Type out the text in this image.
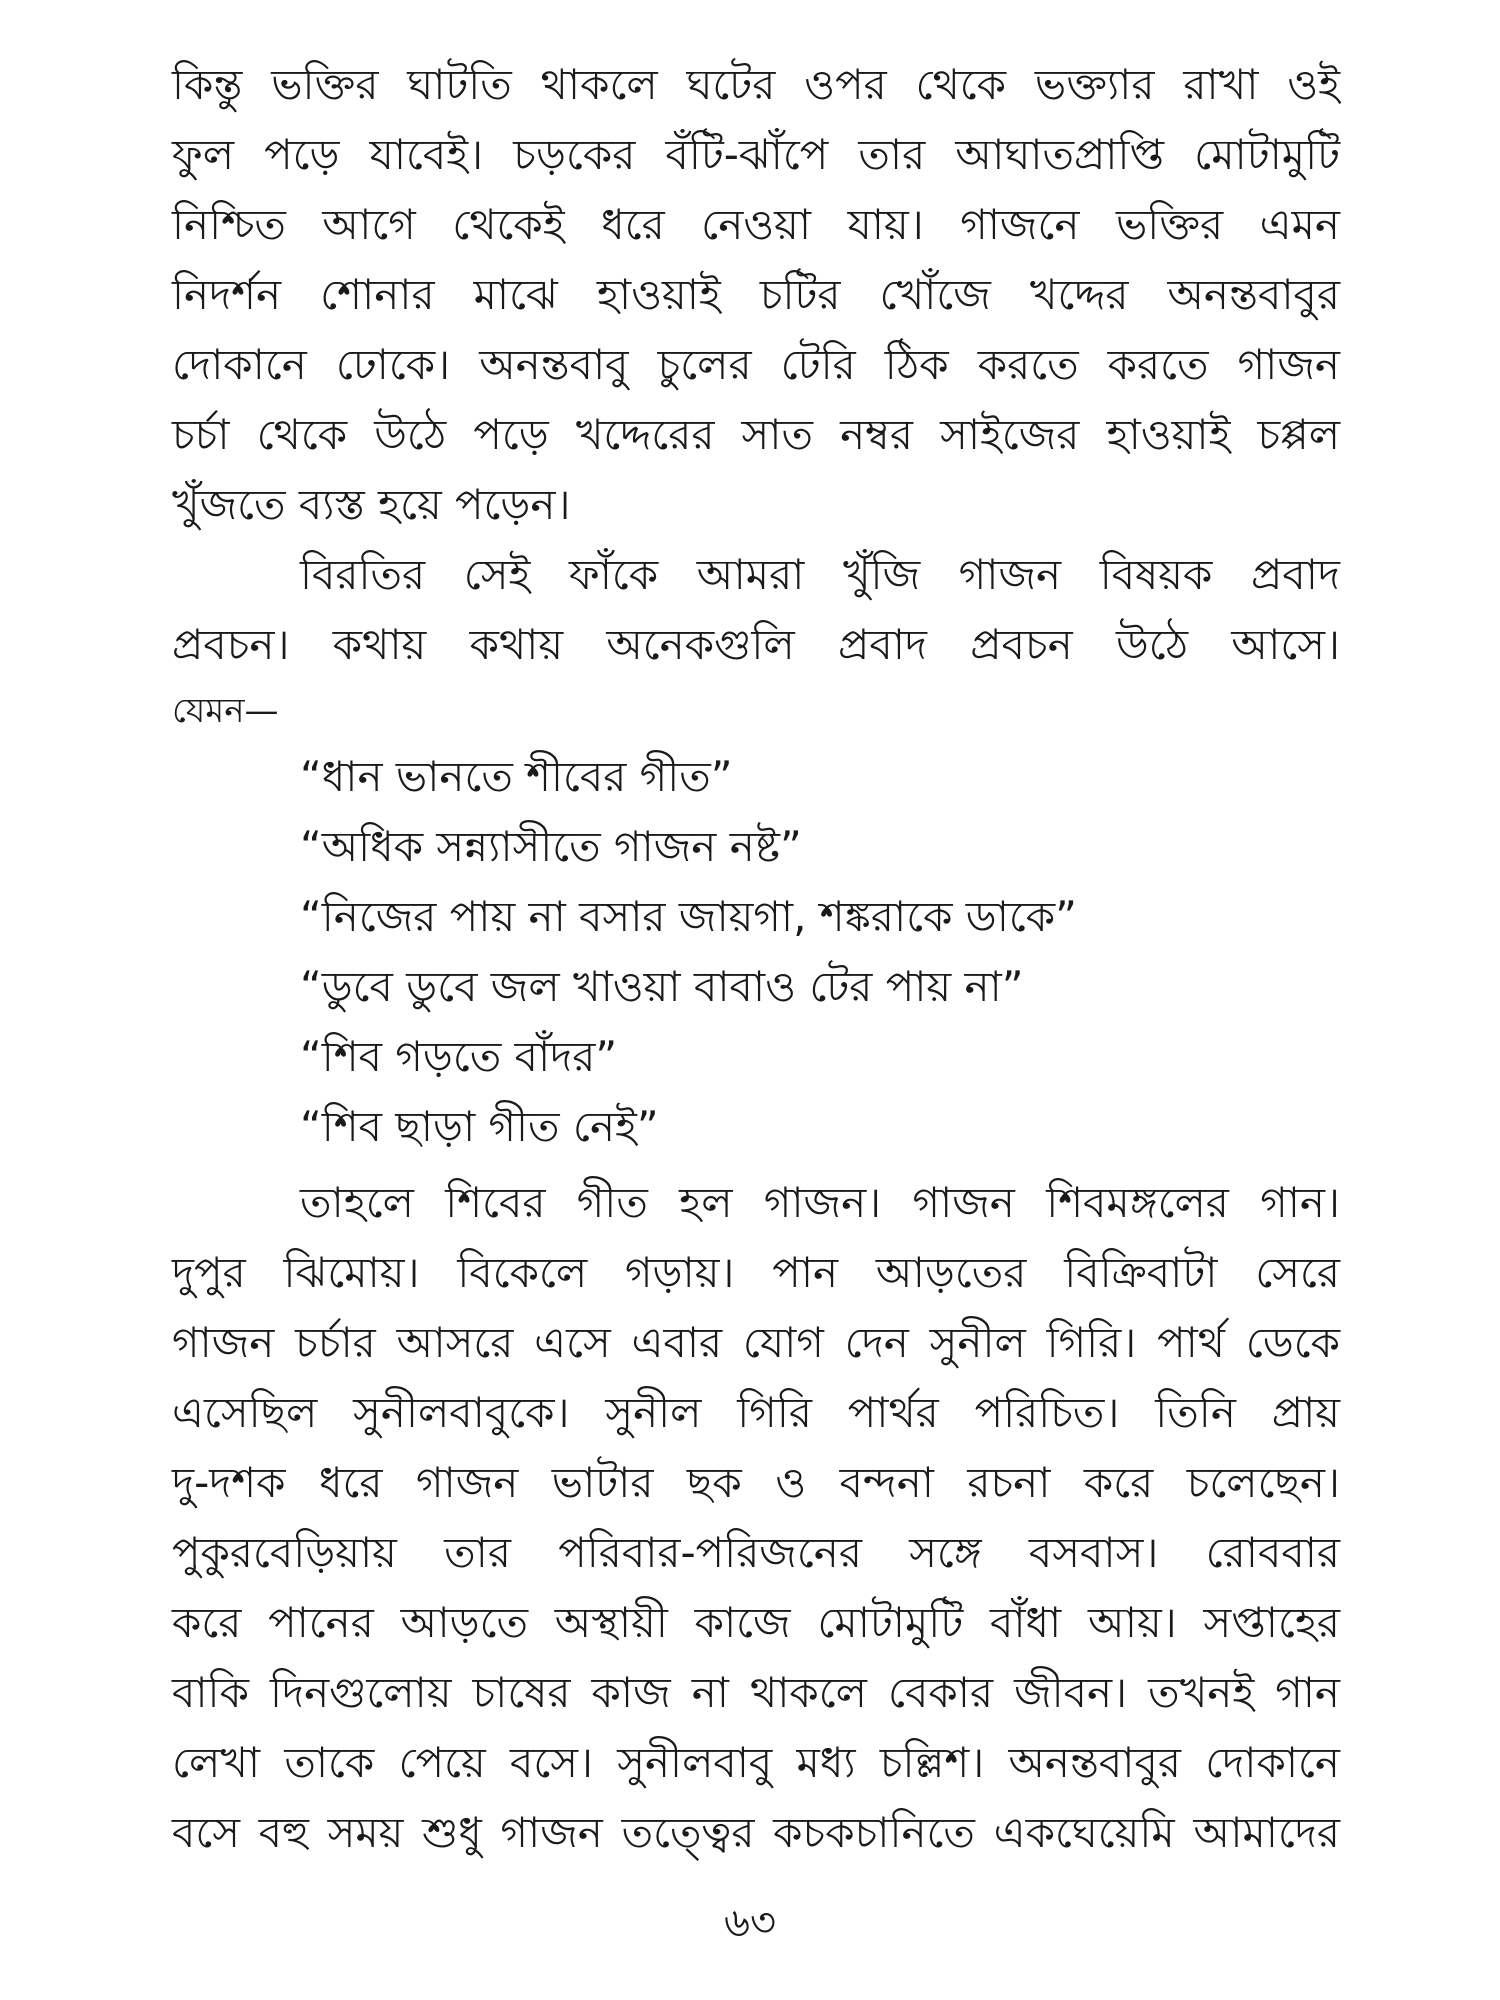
কিন্তু ভক্তির ঘাটতি থাকলে ঘটের ওপর থেকে ভক্ত্যার রাখা ওই
ফুল পড়ে যাবেই। চড়কের বঁটি-ঝাঁপে তার আঘাতপ্রাপ্তি মোটামুটি
নিশ্চিত আগে থেকেই ধরে নেওয়া যায়। গাজনে ভক্তির এমন
নিদর্শন শোনার মাঝে হাওয়াই চটির খোঁজে খদ্দের অনন্তবাবুর
দোকানে ঢোকে। অনন্তবাবু চুলের টেরি ঠিক করতে করতে গাজন
চর্চা থেকে উঠে পড়ে খদ্দেরের সাত নম্বর সাইজের হাওয়াই চপ্পল
খুঁজতে ব্যস্ত হয়ে পড়েন।
বিরতির সেই ফাঁকে আমরা খুঁজি গাজন বিষয়ক প্রবাদ
প্রবচন। কথায় কথায় অনেকগুলি প্রবাদ প্রবচন উঠে আসে।
যেমন—
“ধান ভানতে শীবের গীত”
“অধিক সন্ন্যাসীতে গাজন নষ্ট”
“নিজের পায় না বসার জায়গা, শঙ্করাকে ডাকে”
“ডুবে ডুবে জল খাওয়া বাবাও টের পায় না”
“শিব গড়তে বাঁদর”
“শিব ছাড়া গীত নেই”
তাহলে শিবের গীত হল গাজন। গাজন শিবমঙ্গলের গান।
দুপুর ঝিমোয়। বিকেলে গড়ায়। পান আড়তের বিক্রিবাটা সেরে
গাজন চর্চার আসরে এসে এবার যোগ দেন সুনীল গিরি। পার্থ ডেকে
এসেছিল সুনীলবাবুকে। সুনীল গিরি পার্থর পরিচিত। তিনি প্রায়
দু-দশক ধরে গাজন ভাটার ছক ও বন্দনা রচনা করে চলেছেন।
পুকুরবেড়িয়ায় তার পরিবার-পরিজনের সঙ্গে বসবাস। রোববার
করে পানের আড়তে অস্থায়ী কাজে মোটামুটি বাঁধা আয়। সপ্তাহের
বাকি দিনগুলোয় চাষের কাজ না থাকলে বেকার জীবন। তখনই গান
লেখা তাকে পেয়ে বসে। সুনীলবাবু মধ্য চল্লিশ। অনন্তবাবুর দোকানে
বসে বহু সময় শুধু গাজন তত্ত্বের কচকচানিতে একঘেয়েমি আমাদের
৬৩
